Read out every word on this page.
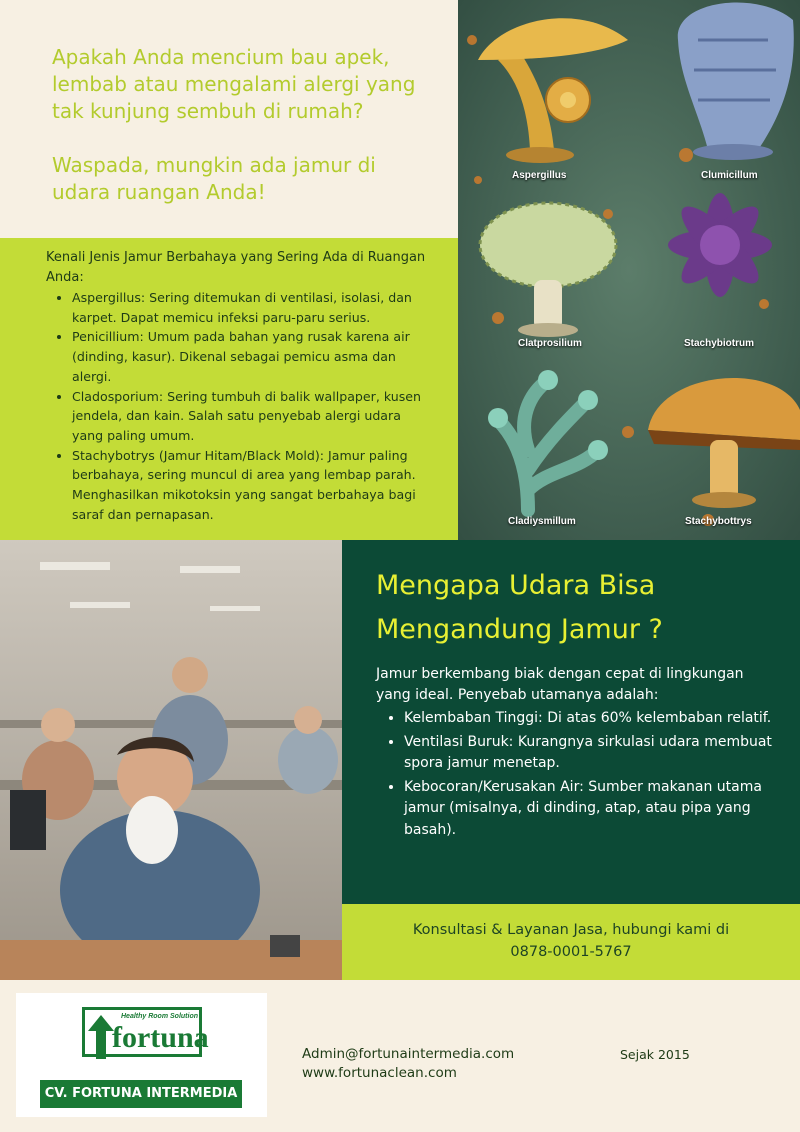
Apakah Anda mencium bau apek, lembab atau mengalami alergi yang tak kunjung sembuh di rumah?

Waspada, mungkin ada jamur di udara ruangan Anda!

Kenali Jenis Jamur Berbahaya yang Sering Ada di Ruangan Anda:

• Aspergillus: Sering ditemukan di ventilasi, isolasi, dan karpet. Dapat memicu infeksi paru-paru serius.
• Penicillium: Umum pada bahan yang rusak karena air (dinding, kasur). Dikenal sebagai pemicu asma dan alergi.
• Cladosporium: Sering tumbuh di balik wallpaper, kusen jendela, dan kain. Salah satu penyebab alergi udara yang paling umum.
• Stachybotrys (Jamur Hitam/Black Mold): Jamur paling berbahaya, sering muncul di area yang lembap parah. Menghasilkan mikotoksin yang sangat berbahaya bagi saraf dan pernapasan.
Aspergillus	Clumicillum
Clatprosilium	Stachybiotrum
Cladiysmillum	Stachybottrys
Mengapa Udara Bisa
Mengandung Jamur ?

Jamur berkembang biak dengan cepat di lingkungan yang ideal. Penyebab utamanya adalah:

• Kelembaban Tinggi: Di atas 60% kelembaban relatif.
• Ventilasi Buruk: Kurangnya sirkulasi udara membuat spora jamur menetap.
• Kebocoran/Kerusakan Air: Sumber makanan utama jamur (misalnya, di dinding, atap, atau pipa yang basah).
Konsultasi & Layanan Jasa, hubungi kami di
0878-0001-5767
Healthy Room Solution
fortuna
CV. FORTUNA INTERMEDIA
Admin@fortunaintermedia.com
www.fortunaclean.com
Sejak 2015
